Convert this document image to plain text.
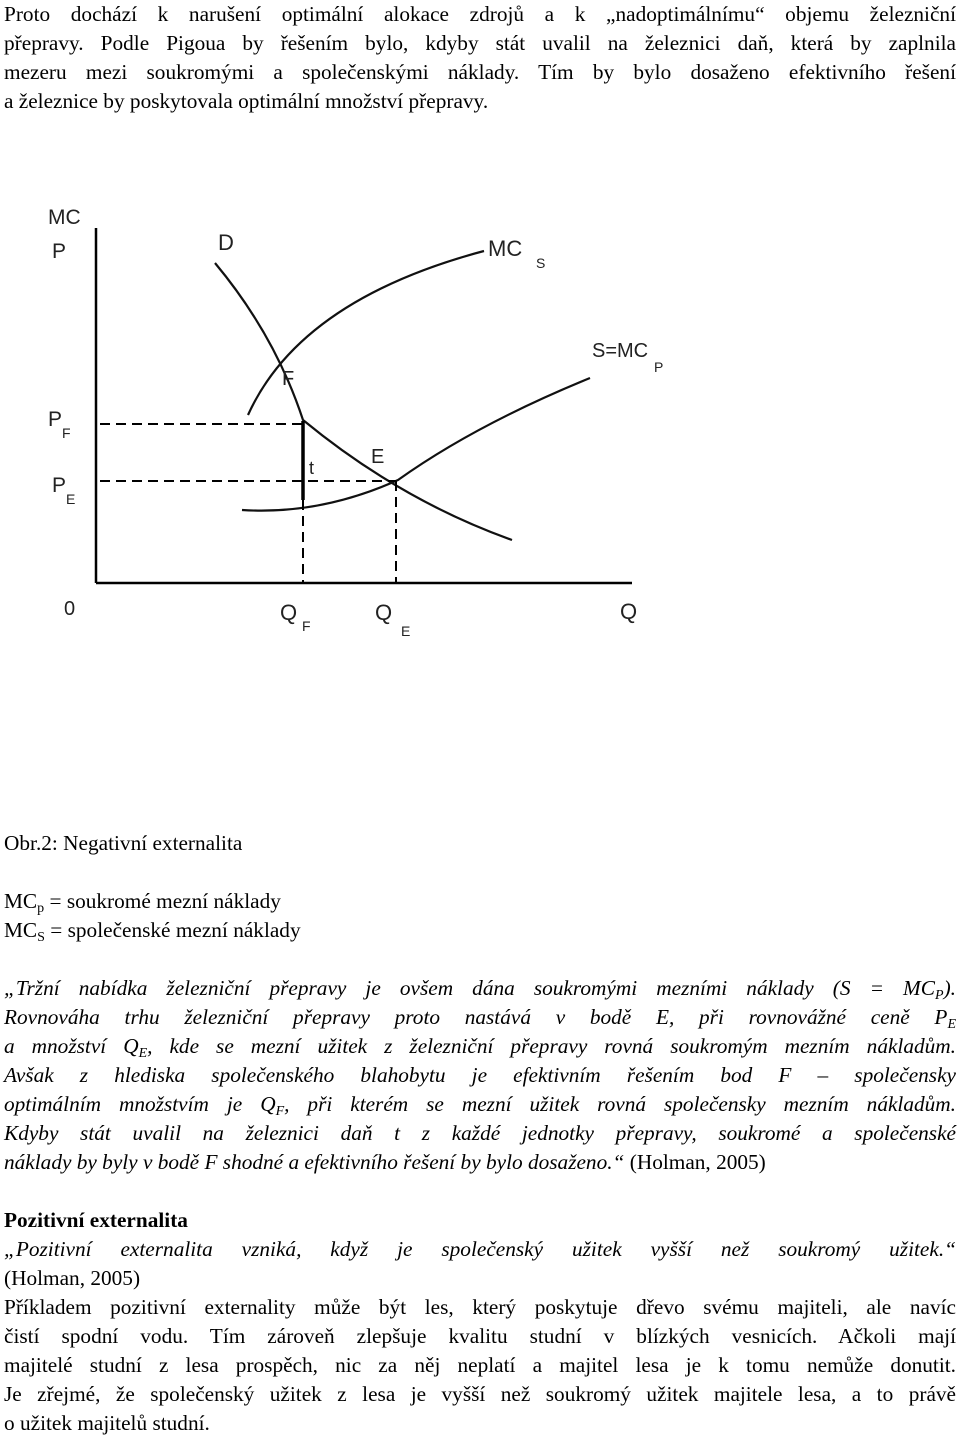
Proto dochází k narušení optimální alokace zdrojů a k „nadoptimálnímu“ objemu železniční
přepravy. Podle Pigoua by řešením bylo, kdyby stát uvalil na železnici daň, která by zaplnila
mezeru mezi soukromými a společenskými náklady. Tím by bylo dosaženo efektivního řešení
a železnice by poskytovala optimální množství přepravy.
MC
P
0	Q
D	MC
S
S=MC
P
F
E
t
P
F
P
E
Q
F
Q
E
Obr.2: Negativní externalita
$MC_p$ = soukromé mezní náklady
$MC_S$ = společenské mezní náklady
„Tržní nabídka železniční přepravy je ovšem dána soukromými mezními náklady $(S = MC_P)$.
Rovnováha trhu železniční přepravy proto nastává v bodě E, při rovnovážné ceně $P_E$
a množství $Q_E$, kde se mezní užitek z železniční přepravy rovná soukromým mezním nákladům.
Avšak z hlediska společenského blahobytu je efektivním řešením bod F – společensky
optimálním množstvím je $Q_F$, při kterém se mezní užitek rovná společensky mezním nákladům.
Kdyby stát uvalil na železnici daň t z každé jednotky přepravy, soukromé a společenské
náklady by byly v bodě F shodné a efektivního řešení by bylo dosaženo.“ (Holman, 2005)
Pozitivní externalita
„Pozitivní externalita vzniká, když je společenský užitek vyšší než soukromý užitek.“
(Holman, 2005)
Příkladem pozitivní externality může být les, který poskytuje dřevo svému majiteli, ale navíc
čistí spodní vodu. Tím zároveň zlepšuje kvalitu studní v blízkých vesnicích. Ačkoli mají
majitelé studní z lesa prospěch, nic za něj neplatí a majitel lesa je k tomu nemůže donutit.
Je zřejmé, že společenský užitek z lesa je vyšší než soukromý užitek majitele lesa, a to právě
o užitek majitelů studní.
